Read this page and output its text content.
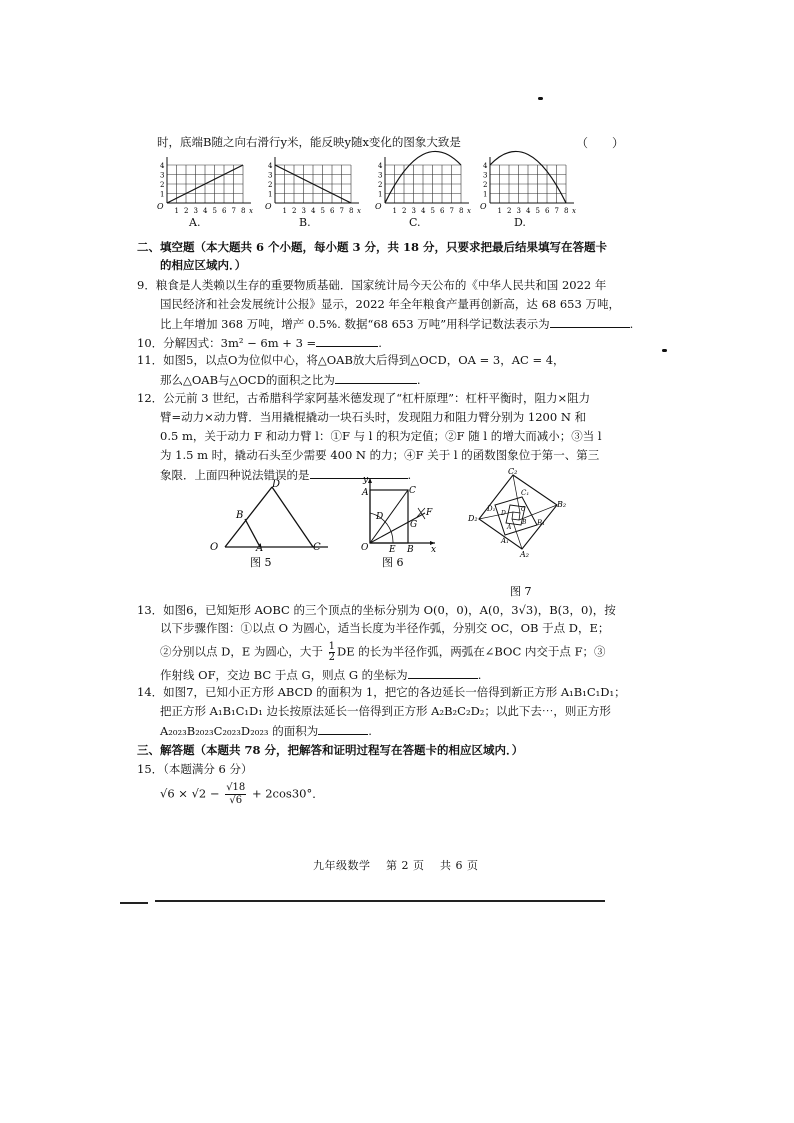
时，底端B随之向右滑行y米，能反映y随x变化的图象大致是	（　　）
O
1
2
3
4
1 2 3 4 5 6 7 8 x O
1
2
3
4
1 2 3 4 5 6 7 8 x O
1
2
3
4
1 2 3 4 5 6 7 8 x O
1
2
3
4
1 2 3 4 5 6 7 8 x
A.	B.	C.	D.
二、填空题（本大题共 6 个小题，每小题 3 分，共 18 分，只要求把最后结果填写在答题卡
的相应区域内．）
9．粮食是人类赖以生存的重要物质基础．国家统计局今天公布的《中华人民共和国 2022 年
国民经济和社会发展统计公报》显示，2022 年全年粮食产量再创新高，达 68 653 万吨，
比上年增加 368 万吨，增产 0.5%. 数据“68 653 万吨”用科学记数法表示为	.
10．分解因式：3m² − 6m + 3 =	.
11．如图5，以点O为位似中心，将△OAB放大后得到△OCD，OA = 3，AC = 4，
那么△OAB与△OCD的面积之比为	.
12．公元前 3 世纪，古希腊科学家阿基米德发现了“杠杆原理”：杠杆平衡时，阻力×阻力
臂=动力×动力臂．当用撬棍撬动一块石头时，发现阻力和阻力臂分别为 1200 N 和
0.5 m，关于动力 F 和动力臂 l：①F 与 l 的积为定值；②F 随 l 的增大而减小；③当 l
为 1.5 m 时，撬动石头至少需要 400 N 的力；④F 关于 l 的函数图象位于第一、第三
象限．上面四种说法错误的是	.
D
B
O	A	C
图 5
y
A	C
D	F
G
O E B x
图 6
C₂
D₂
B₂
A₂
D₁
C₁
B₁
A₁
D
C
A
B
图 7
13．如图6，已知矩形 AOBC 的三个顶点的坐标分别为 O(0，0)，A(0，3√3)，B(3，0)，按
以下步骤作图：①以点 O 为圆心，适当长度为半径作弧，分别交 OC，OB 于点 D，E；
②分别以点 D，E 为圆心，大于 $\frac{1}{2}$ DE 的长为半径作弧，两弧在∠BOC 内交于点 F；③
作射线 OF，交边 BC 于点 G，则点 G 的坐标为	.
14．如图7，已知小正方形 ABCD 的面积为 1，把它的各边延长一倍得到新正方形 A₁B₁C₁D₁；
把正方形 A₁B₁C₁D₁ 边长按原法延长一倍得到正方形 A₂B₂C₂D₂；以此下去⋯，则正方形
A₂₀₂₃B₂₀₂₃C₂₀₂₃D₂₀₂₃ 的面积为	.
三、解答题（本题共 78 分，把解答和证明过程写在答题卡的相应区域内．）
15．（本题满分 6 分）
$√6 \times √2 - \frac{√18}{√6} + 2\cos 30^\circ$．
九年级数学　 第 2 页　 共 6 页
